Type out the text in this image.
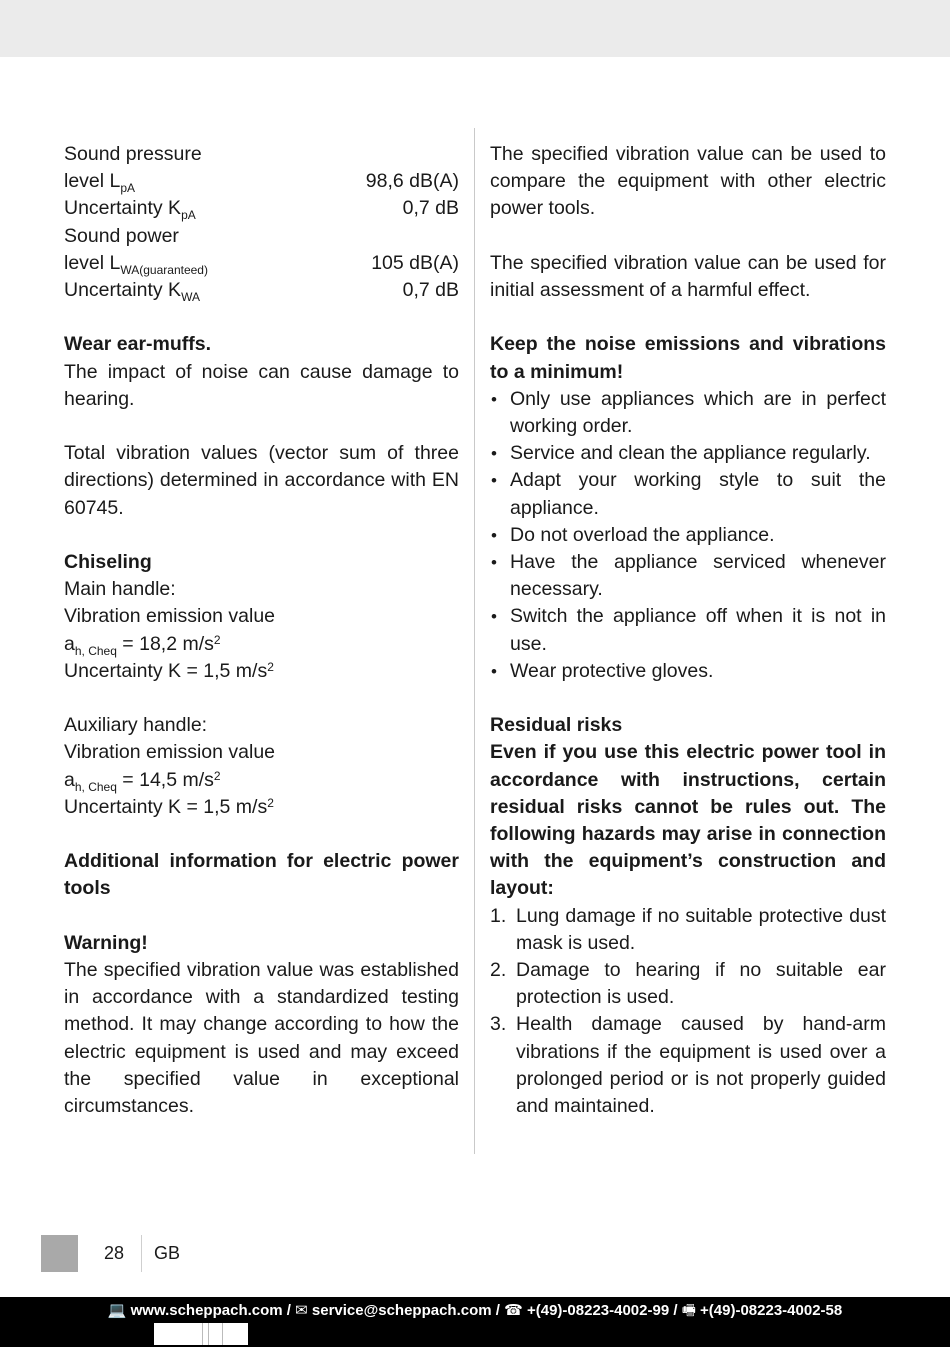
Sound pressure

level $L_{pA}$	98,6 dB(A)
Uncertainty $K_{pA}$	0,7 dB

Sound power

level $L_{WA(guaranteed)}$	105 dB(A)
Uncertainty $K_{WA}$	0,7 dB

Wear ear-muffs.

The impact of noise can cause damage to hearing.

Total vibration values (vector sum of three directions) determined in accordance with EN 60745.

Chiseling

Main handle:

Vibration emission value

$a_{h, Cheq} = 18,2$ $m/s^2$

Uncertainty K = 1,5 $m/s^2$

Auxiliary handle:

Vibration emission value

$a_{h, Cheq} = 14,5$ $m/s^2$

Uncertainty K = 1,5 $m/s^2$

Additional information for electric power tools

Warning!

The specified vibration value was established in accordance with a standardized testing method. It may change according to how the electric equipment is used and may exceed the specified value in exceptional circumstances.

The specified vibration value can be used to compare the equipment with other electric power tools.

The specified vibration value can be used for initial assessment of a harmful effect.

Keep the noise emissions and vibrations to a minimum!

• Only use appliances which are in perfect working order.
• Service and clean the appliance regularly.
• Adapt your working style to suit the appliance.
• Do not overload the appliance.
• Have the appliance serviced whenever necessary.
• Switch the appliance off when it is not in use.
• Wear protective gloves.

Residual risks

Even if you use this electric power tool in accordance with instructions, certain residual risks cannot be rules out. The following hazards may arise in connection with the equipment’s construction and layout:

1. Lung damage if no suitable protective dust mask is used.
2. Damage to hearing if no suitable ear protection is used.
3. Health damage caused by hand-arm vibrations if the equipment is used over a prolonged period or is not properly guided and maintained.
28 GB
💻 www.scheppach.com / ✉ service@scheppach.com / ☎ +(49)-08223-4002-99 / 🖷 +(49)-08223-4002-58
